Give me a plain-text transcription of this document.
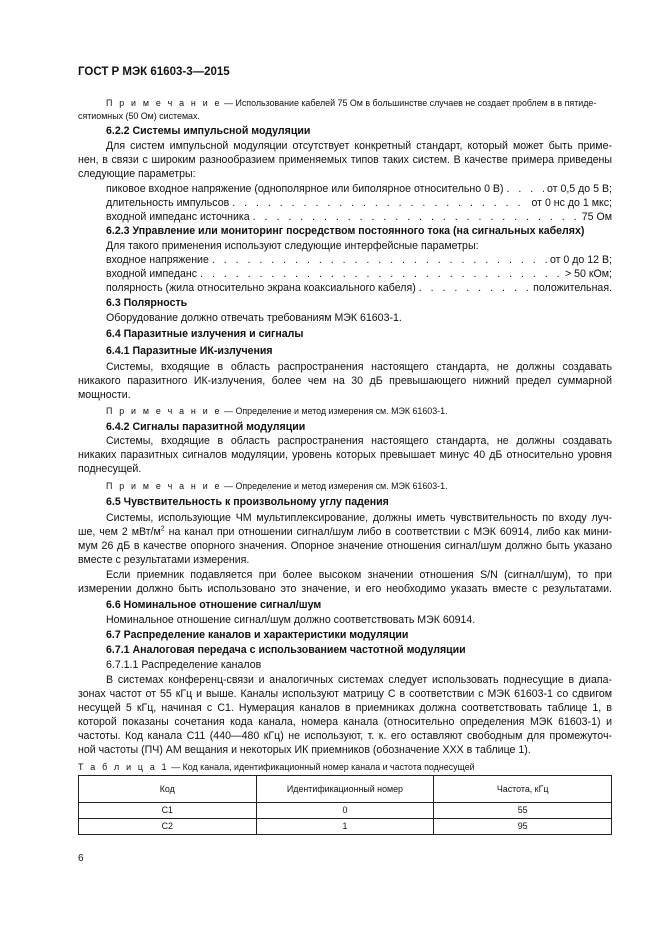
ГОСТ Р МЭК 61603-3—2015
П р и м е ч а н и е — Использование кабелей 75 Ом в большинстве случаев не создает проблем в в пятиде-
сятиомных (50 Ом) системах.
6.2.2 Системы импульсной модуляции
Для систем импульсной модуляции отсутствует конкретный стандарт, который может быть приме-
нен, в связи с широким разнообразием применяемых типов таких систем. В качестве примера приведены
следующие параметры:
пиковое входное напряжение (однополярное или биполярное относительно 0 В) . . .	от 0,5 до 5 В;
длительность импульсов . . .	от 0 нс до 1 мкс;
входной импеданс источника . . .	75 Ом
6.2.3 Управление или мониторинг посредством постоянного тока (на сигнальных кабелях)
Для такого применения используют следующие интерфейсные параметры:
входное напряжение . . .	от 0 до 12 В;
входной импеданс . . .	> 50 кОм;
полярность (жила относительно экрана коаксиального кабеля) . . .	положительная.
6.3 Полярность
Оборудование должно отвечать требованиям МЭК 61603-1.
6.4 Паразитные излучения и сигналы
6.4.1 Паразитные ИК-излучения
Системы, входящие в область распространения настоящего стандарта, не должны создавать
никакого паразитного ИК-излучения, более чем на 30 дБ превышающего нижний предел суммарной
мощности.
П р и м е ч а н и е — Определение и метод измерения см. МЭК 61603-1.
6.4.2 Сигналы паразитной модуляции
Системы, входящие в область распространения настоящего стандарта, не должны создавать
никаких паразитных сигналов модуляции, уровень которых превышает минус 40 дБ относительно уровня
поднесущей.
П р и м е ч а н и е — Определение и метод измерения см. МЭК 61603-1.
6.5 Чувствительность к произвольному углу падения
Системы, использующие ЧМ мультиплексирование, должны иметь чувствительность по входу луч-
ше, чем 2 мВт/$м^2$ на канал при отношении сигнал/шум либо в соответствии с МЭК 60914, либо как мини-
мум 26 дБ в качестве опорного значения. Опорное значение отношения сигнал/шум должно быть указано
вместе с результатами измерения.
Если приемник подавляется при более высоком значении отношения S/N (сигнал/шум), то при
измерении должно быть использовано это значение, и его необходимо указать вместе с результатами.
6.6 Номинальное отношение сигнал/шум
Номинальное отношение сигнал/шум должно соответствовать МЭК 60914.
6.7 Распределение каналов и характеристики модуляции
6.7.1 Аналоговая передача с использованием частотной модуляции
6.7.1.1 Распределение каналов
В системах конференц-связи и аналогичных системах следует использовать поднесущие в диапа-
зонах частот от 55 кГц и выше. Каналы используют матрицу С в соответствии с МЭК 61603-1 со сдвигом
несущей 5 кГц, начиная с С1. Нумерация каналов в приемниках должна соответствовать таблице 1, в
которой показаны сочетания кода канала, номера канала (относительно определения МЭК 61603-1) и
частоты. Код канала С11 (440—480 кГц) не используют, т. к. его оставляют свободным для промежуточ-
ной частоты (ПЧ) АМ вещания и некоторых ИК приемников (обозначение ХХХ в таблице 1).
Т а б л и ц а 1 — Код канала, идентификационный номер канала и частота поднесущей
Код	Идентификационный номер	Частота, кГц
С1	0	55
С2	1	95
6
